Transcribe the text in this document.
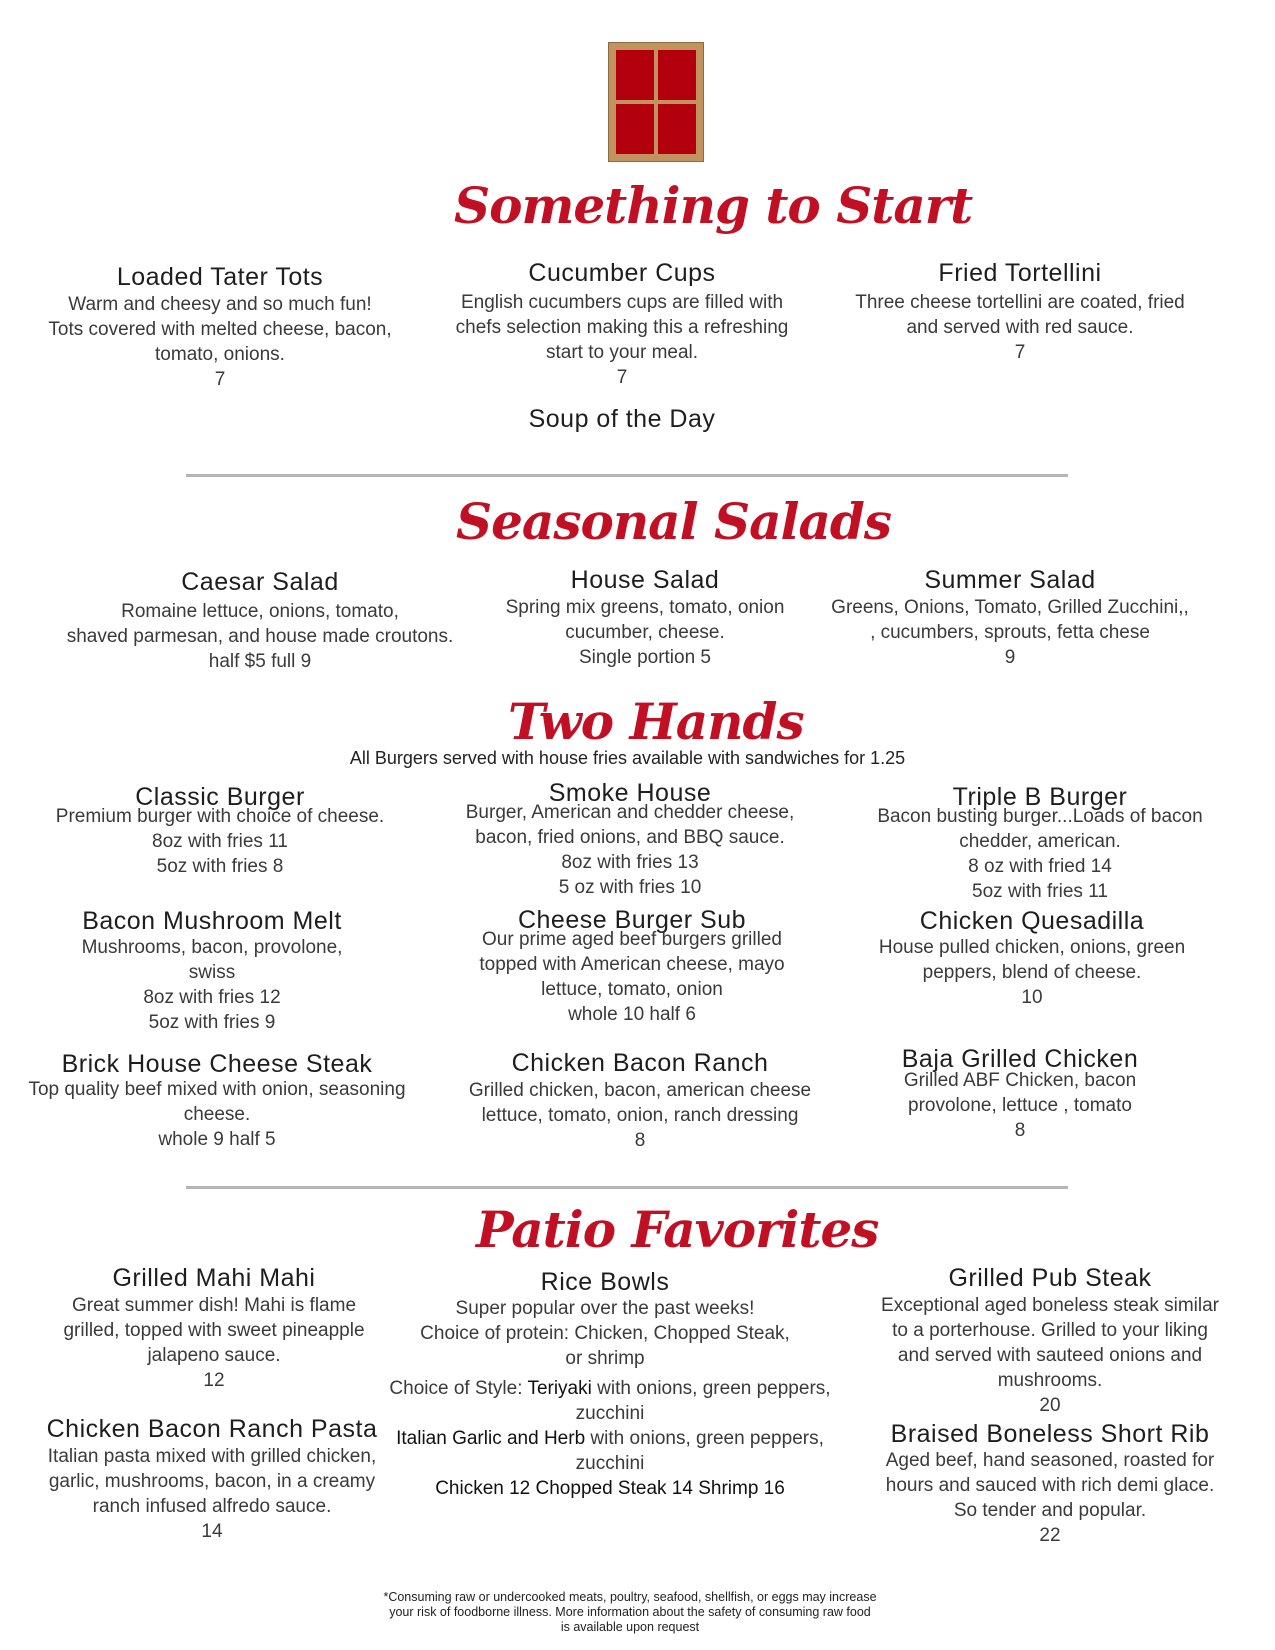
Something to Start
Loaded Tater Tots
Warm and cheesy and so much fun!
Tots covered with melted cheese, bacon,
tomato, onions.
7
Cucumber Cups
English cucumbers cups are filled with
chefs selection making this a refreshing
start to your meal.
7
Fried Tortellini
Three cheese tortellini are coated, fried
and served with red sauce.
7
Soup of the Day
Seasonal Salads
Caesar Salad
Romaine lettuce, onions, tomato,
shaved parmesan, and house made croutons.
half $5 full 9
House Salad
Spring mix greens, tomato, onion
cucumber, cheese.
Single portion 5
Summer Salad
Greens, Onions, Tomato, Grilled Zucchini,,
, cucumbers, sprouts, fetta chese
9
Two Hands
All Burgers served with house fries available with sandwiches for 1.25
Classic Burger
Premium burger with choice of cheese.
8oz with fries 11
5oz with fries 8
Smoke House
Burger, American and chedder cheese,
bacon, fried onions, and BBQ sauce.
8oz with fries 13
5 oz with fries 10
Triple B Burger
Bacon busting burger...Loads of bacon
chedder, american.
8 oz with fried 14
5oz with fries 11
Bacon Mushroom Melt
Mushrooms, bacon, provolone,
swiss
8oz with fries 12
5oz with fries 9
Cheese Burger Sub
Our prime aged beef burgers grilled
topped with American cheese, mayo
lettuce, tomato, onion
whole 10 half 6
Chicken Quesadilla
House pulled chicken, onions, green
peppers, blend of cheese.
10
Brick House Cheese Steak
Top quality beef mixed with onion, seasoning
cheese.
whole 9 half 5
Chicken Bacon Ranch
Grilled chicken, bacon, american cheese
lettuce, tomato, onion, ranch dressing
8
Baja Grilled Chicken
Grilled ABF Chicken, bacon
provolone, lettuce , tomato
8
Patio Favorites
Grilled Mahi Mahi
Great summer dish! Mahi is flame
grilled, topped with sweet pineapple
jalapeno sauce.
12
Chicken Bacon Ranch Pasta
Italian pasta mixed with grilled chicken,
garlic, mushrooms, bacon, in a creamy
ranch infused alfredo sauce.
14
Rice Bowls
Super popular over the past weeks!
Choice of protein: Chicken, Chopped Steak,
or shrimp
Choice of Style: Teriyaki with onions, green peppers,
zucchini
Italian Garlic and Herb with onions, green peppers,
zucchini
Chicken 12 Chopped Steak 14 Shrimp 16
Grilled Pub Steak
Exceptional aged boneless steak similar
to a porterhouse. Grilled to your liking
and served with sauteed onions and
mushrooms.
20
Braised Boneless Short Rib
Aged beef, hand seasoned, roasted for
hours and sauced with rich demi glace.
So tender and popular.
22
*Consuming raw or undercooked meats, poultry, seafood, shellfish, or eggs may increase
your risk of foodborne illness. More information about the safety of consuming raw food
is available upon request
